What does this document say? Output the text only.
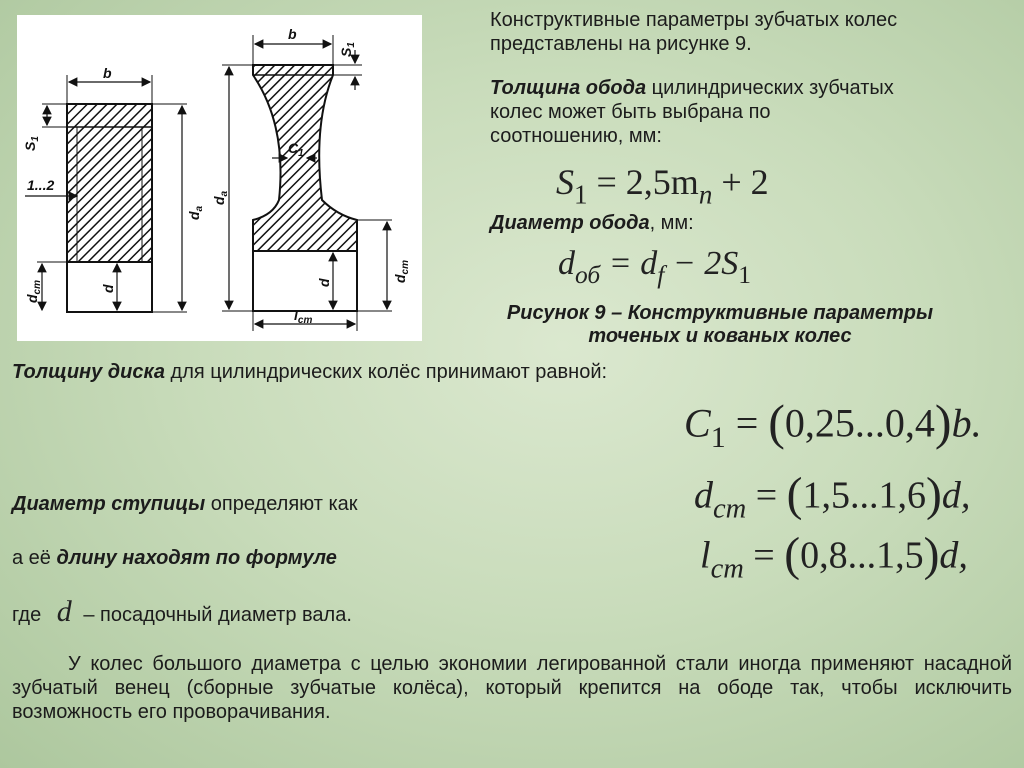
b
$S_1$
1...2
$d_a$
$d_{ст}$	d
b
$S_1$
$C_1$
$d_a$
d	$d_{ст}$
$l_{ст}$
Конструктивные параметры зубчатых колес
представлены на рисунке 9.
Толщина обода цилиндрических зубчатых
колес может быть выбрана по
соотношению, мм:
$S_1 = 2,5m_n + 2$
Диаметр обода, мм:
$d_{об} = d_f - 2S_1$
Рисунок 9 – Конструктивные параметры
точеных и кованых колес
Толщину диска для цилиндрических колёс принимают равной:
$C_1 = (0,25...0,4)b$.
Диаметр ступицы определяют как	$d_{cm} = (1,5...1,6)d$,
а её длину находят по формуле	$l_{cm} = (0,8...1,5)d$,
где d – посадочный диаметр вала.
У колес большого диаметра с целью экономии легированной стали иногда применяют насадной зубчатый венец (сборные зубчатые колёса), который крепится на ободе так, чтобы исключить возможность его проворачивания.
